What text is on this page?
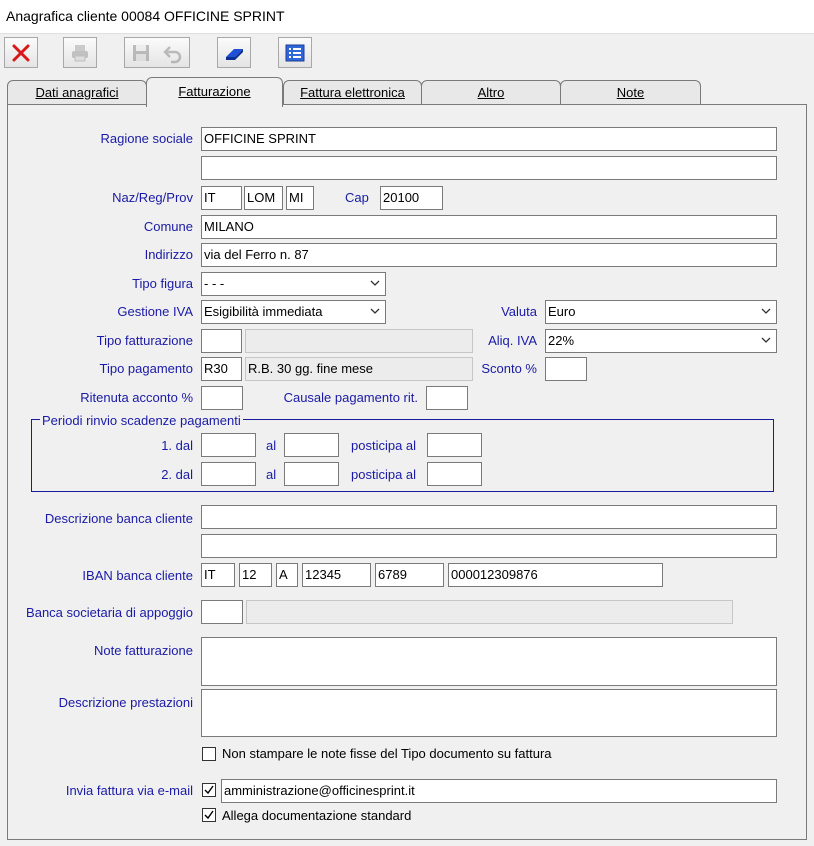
Anagrafica cliente 00084 OFFICINE SPRINT
Dati anagrafici	Fatturazione	Fattura elettronica	Altro	Note
Ragione sociale OFFICINE SPRINT
Naz/Reg/Prov IT	LOM	MI	Cap 20100
Comune MILANO
Indirizzo via del Ferro n. 87
Tipo figura - - -
Gestione IVA Esigibilità immediata	Valuta Euro
Tipo fatturazione	Aliq. IVA 22%
Tipo pagamento R30	R.B. 30 gg. fine mese	Sconto %
Ritenuta acconto %	Causale pagamento rit.
Periodi rinvio scadenze pagamenti
1. dal	al	posticipa al
2. dal	al	posticipa al
Descrizione banca cliente
IBAN banca cliente IT	12	A	12345	6789	000012309876
Banca societaria di appoggio
Note fatturazione
Descrizione prestazioni
Non stampare le note fisse del Tipo documento su fattura
Invia fattura via e-mail amministrazione@officinesprint.it
Allega documentazione standard
